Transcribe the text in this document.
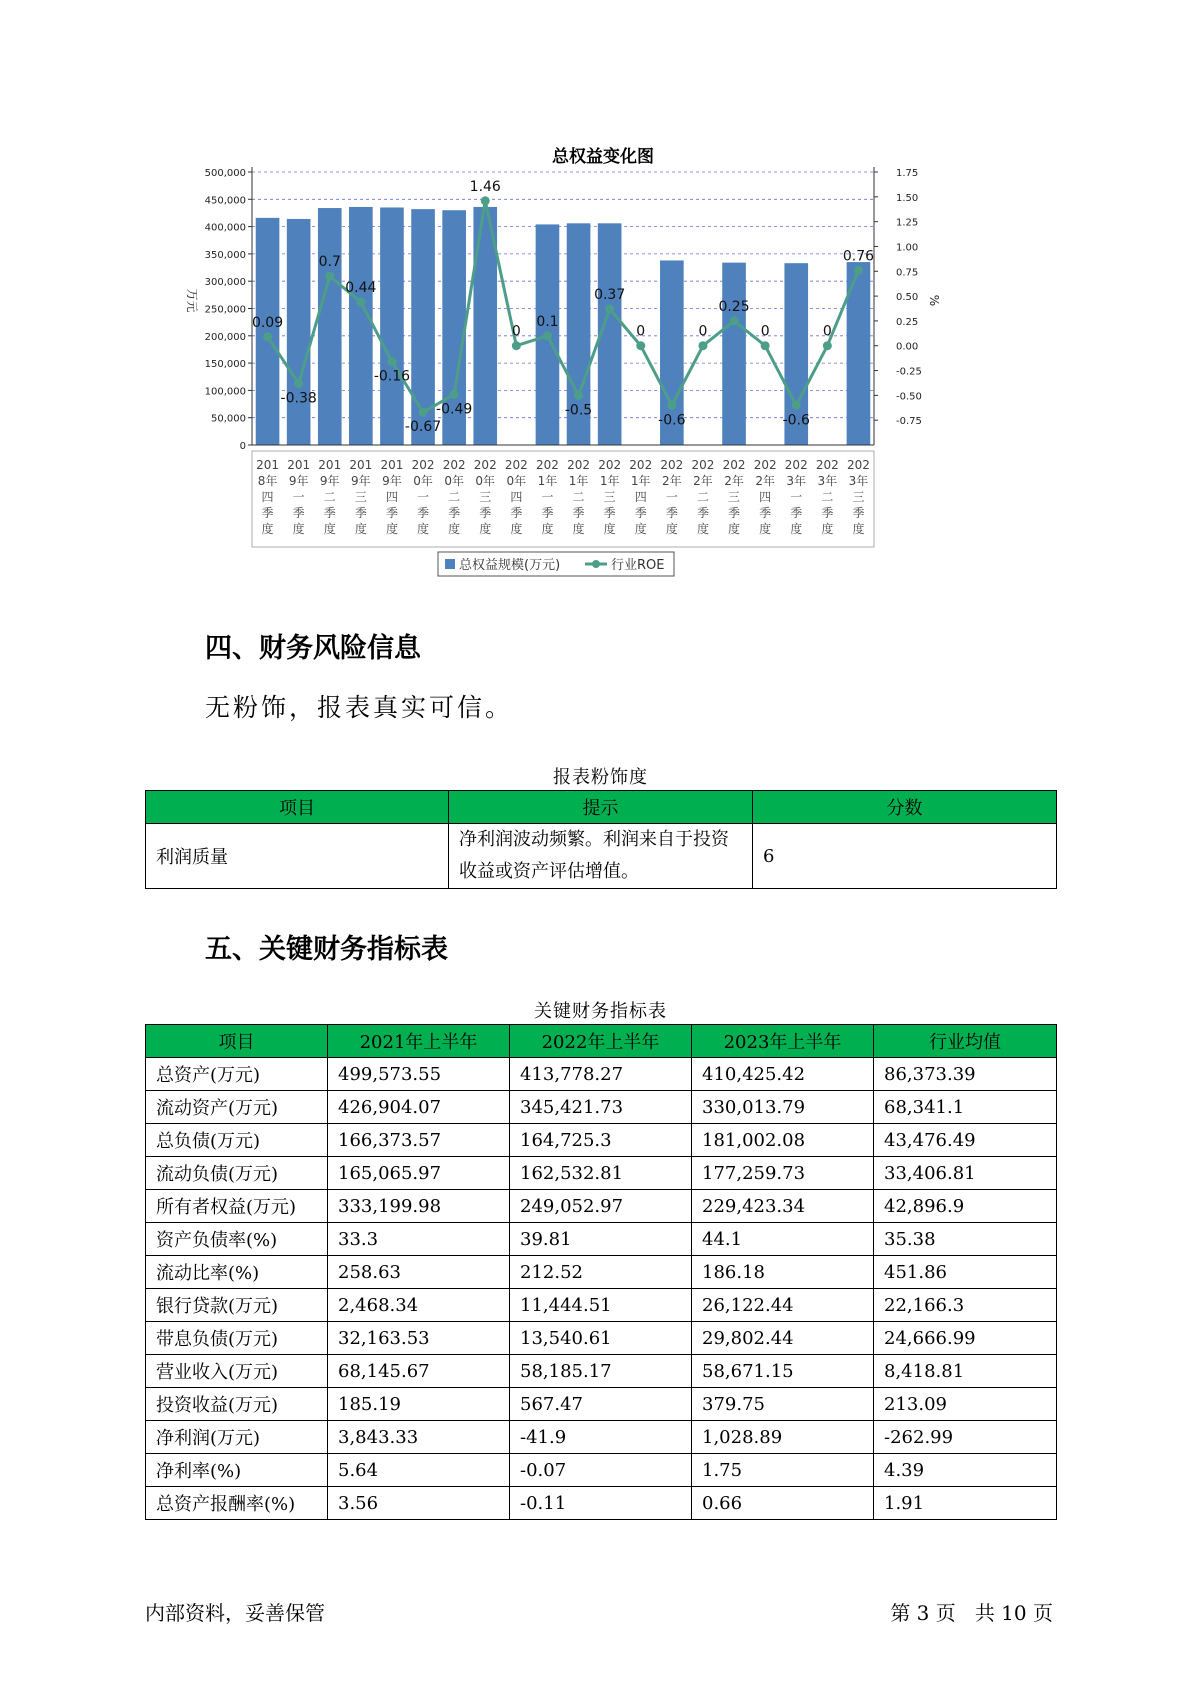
总权益变化图
0
50,000
100,000
150,000
200,000
250,000
300,000
350,000
400,000
450,000
500,000
-0.75
-0.50
-0.25
0.00
0.25
0.50
0.75
1.00
1.25
1.50
1.75
万元	%
0.09
-0.38
0.7
0.44
-0.16
-0.67
-0.49
1.46
0
0.1
-0.5
0.37
0
-0.6
0
0.25
0
-0.6
0
0.76
201
8年
四
季
度
201
9年
一
季
度
201
9年
二
季
度
201
9年
三
季
度
201
9年
四
季
度
202
0年
一
季
度
202
0年
二
季
度
202
0年
三
季
度
202
0年
四
季
度
202
1年
一
季
度
202
1年
二
季
度
202
1年
三
季
度
202
1年
四
季
度
202
2年
一
季
度
202
2年
二
季
度
202
2年
三
季
度
202
2年
四
季
度
202
3年
一
季
度
202
3年
二
季
度
202
3年
三
季
度
总权益规模(万元)	行业ROE
四、财务风险信息

无粉饰，报表真实可信。

报表粉饰度
项目	提示	分数
利润质量	净利润波动频繁。利润来自于投资收益或资产评估增值。	6
五、关键财务指标表
关键财务指标表
项目	2021年上半年	2022年上半年	2023年上半年	行业均值
总资产(万元)	499,573.55	413,778.27	410,425.42	86,373.39
流动资产(万元)	426,904.07	345,421.73	330,013.79	68,341.1
总负债(万元)	166,373.57	164,725.3	181,002.08	43,476.49
流动负债(万元)	165,065.97	162,532.81	177,259.73	33,406.81
所有者权益(万元)	333,199.98	249,052.97	229,423.34	42,896.9
资产负债率(%)	33.3	39.81	44.1	35.38
流动比率(%)	258.63	212.52	186.18	451.86
银行贷款(万元)	2,468.34	11,444.51	26,122.44	22,166.3
带息负债(万元)	32,163.53	13,540.61	29,802.44	24,666.99
营业收入(万元)	68,145.67	58,185.17	58,671.15	8,418.81
投资收益(万元)	185.19	567.47	379.75	213.09
净利润(万元)	3,843.33	-41.9	1,028.89	-262.99
净利率(%)	5.64	-0.07	1.75	4.39
总资产报酬率(%)	3.56	-0.11	0.66	1.91
内部资料，妥善保管	第 3 页   共 10 页
